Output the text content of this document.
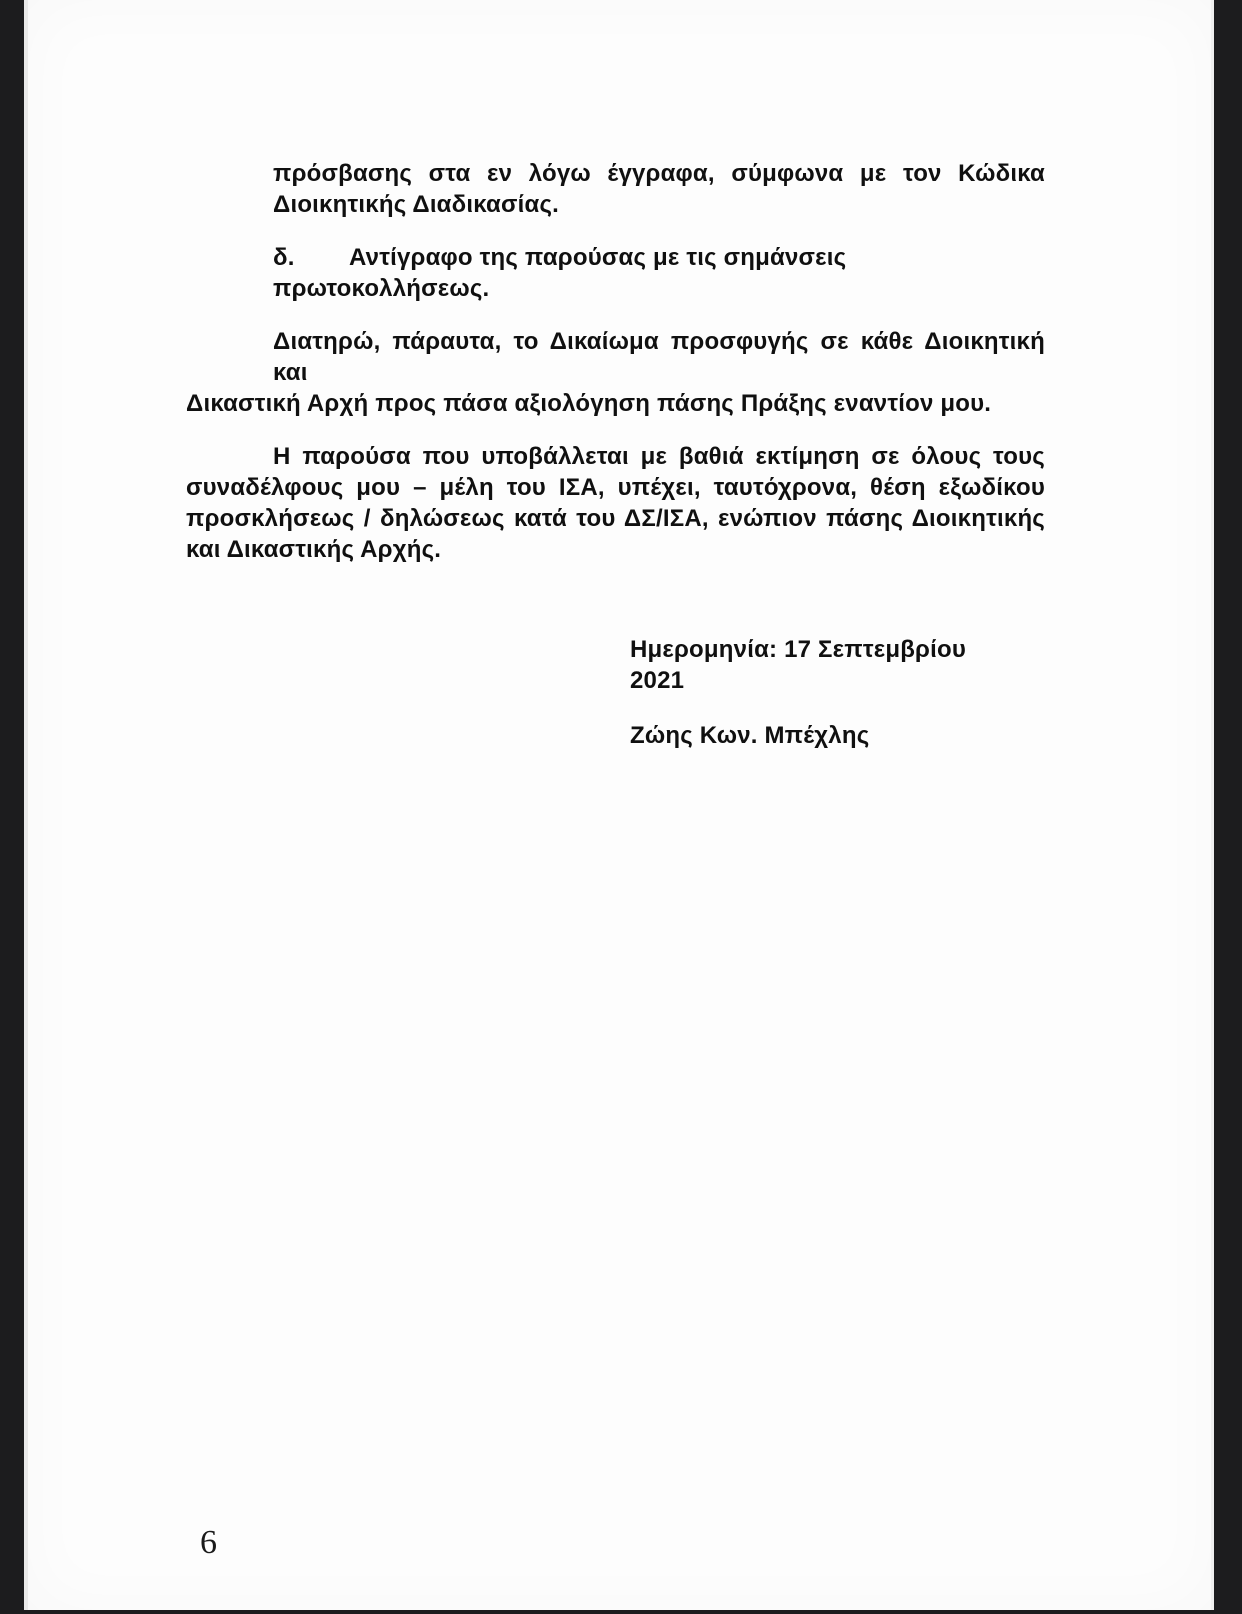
πρόσβασης στα εν λόγω έγγραφα, σύμφωνα με τον Κώδικα
Διοικητικής Διαδικασίας.
δ. Αντίγραφο της παρούσας με τις σημάνσεις πρωτοκολλήσεως.
Διατηρώ, πάραυτα, το Δικαίωμα προσφυγής σε κάθε Διοικητική και
Δικαστική Αρχή προς πάσα αξιολόγηση πάσης Πράξης εναντίον μου.
Η παρούσα που υποβάλλεται με βαθιά εκτίμηση σε όλους τους
συναδέλφους μου – μέλη του ΙΣΑ, υπέχει, ταυτόχρονα, θέση εξωδίκου
προσκλήσεως / δηλώσεως κατά του ΔΣ/ΙΣΑ, ενώπιον πάσης Διοικητικής
και Δικαστικής Αρχής.
Ημερομηνία: 17 Σεπτεμβρίου 2021
Ζώης Κων. Μπέχλης
6
